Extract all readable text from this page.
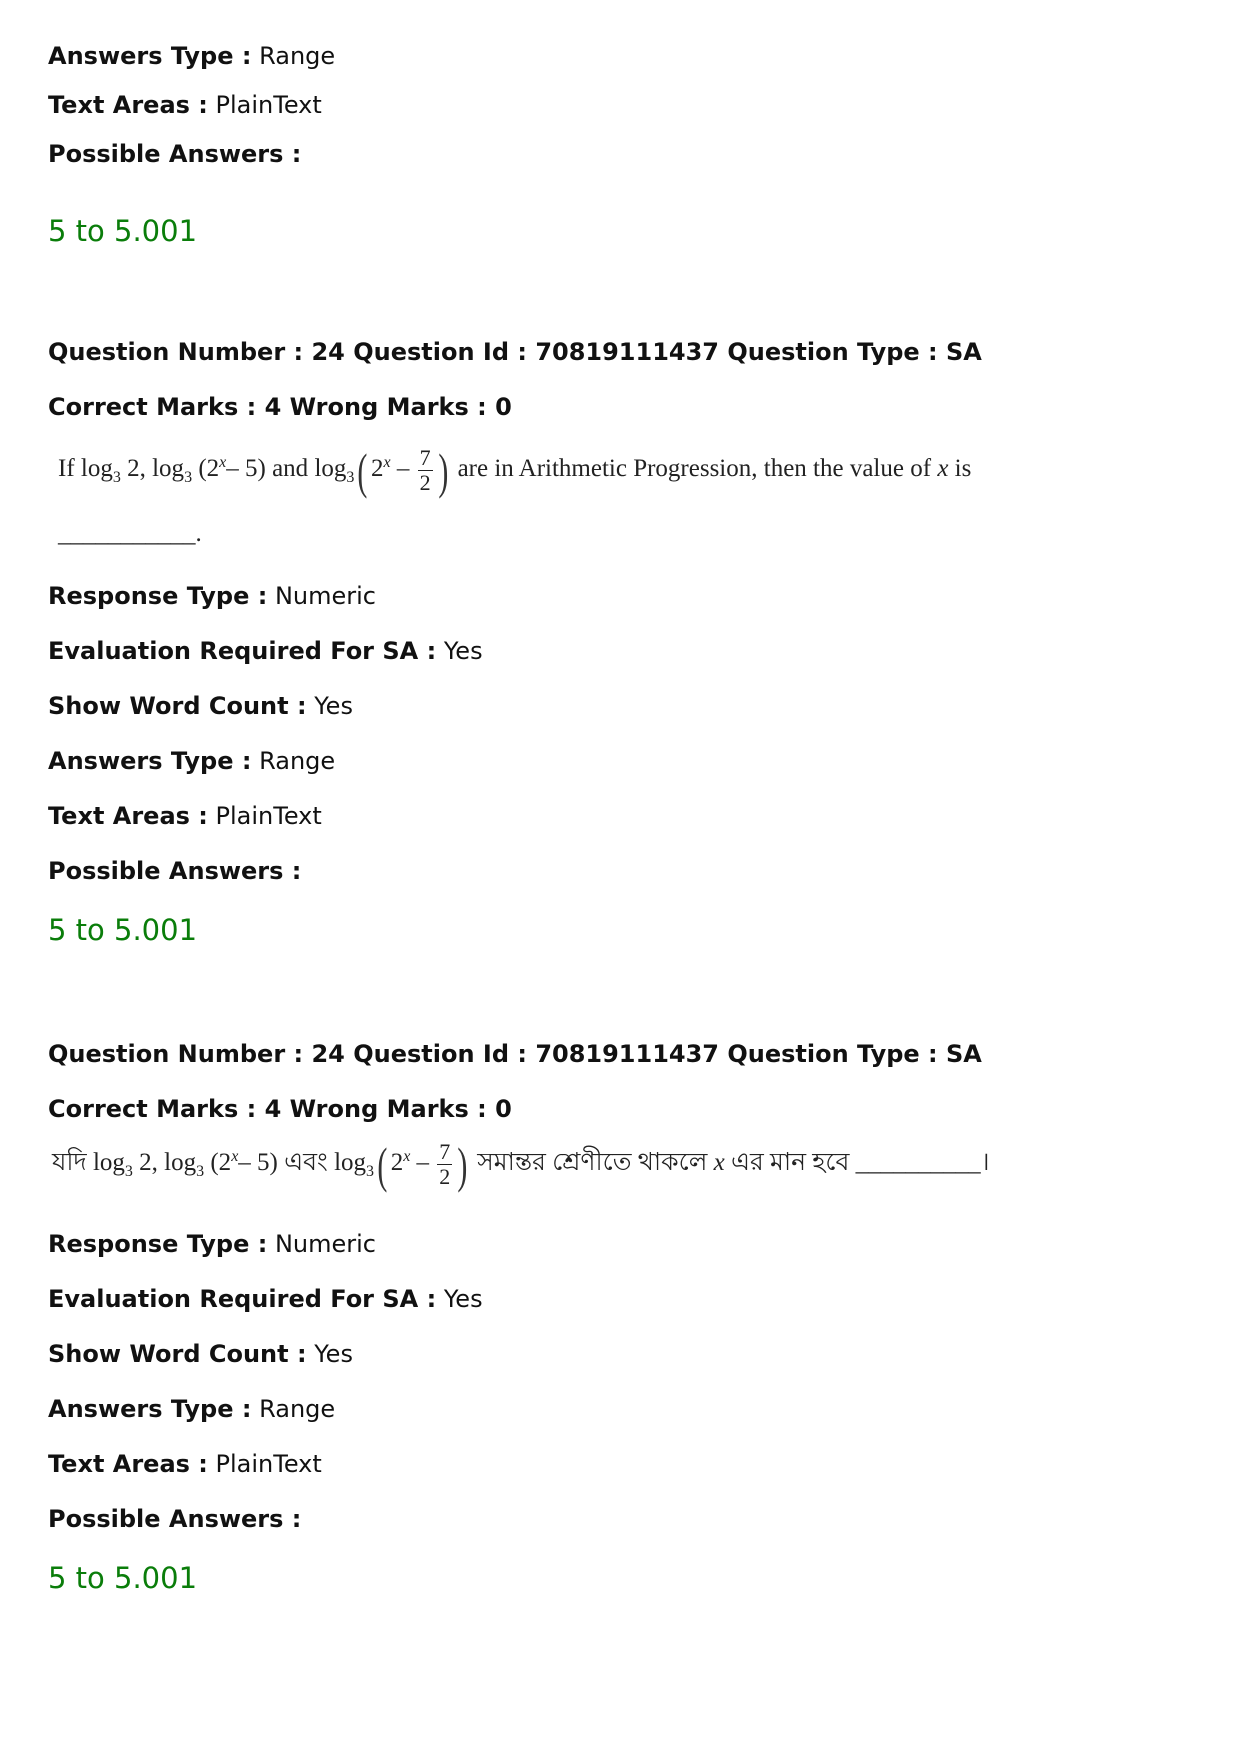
Answers Type : Range
Text Areas : PlainText
Possible Answers :
5 to 5.001
Question Number : 24 Question Id : 70819111437 Question Type : SA
Correct Marks : 4 Wrong Marks : 0
If $\log_3 2$, $\log_3 (2^x-$ 5) and $\log_3$( $2^x - \frac{7}{2}$ ) are in Arithmetic Progression, then the value of x is
___________.
Response Type : Numeric
Evaluation Required For SA : Yes
Show Word Count : Yes
Answers Type : Range
Text Areas : PlainText
Possible Answers :
5 to 5.001
Question Number : 24 Question Id : 70819111437 Question Type : SA
Correct Marks : 4 Wrong Marks : 0
যদি $\log_3 2$, $\log_3 (2^x-$ 5) এবং $\log_3$( $2^x - \frac{7}{2}$ ) সমান্তর শ্রেণীতে থাকলে x এর মান হবে __________।
Response Type : Numeric
Evaluation Required For SA : Yes
Show Word Count : Yes
Answers Type : Range
Text Areas : PlainText
Possible Answers :
5 to 5.001
